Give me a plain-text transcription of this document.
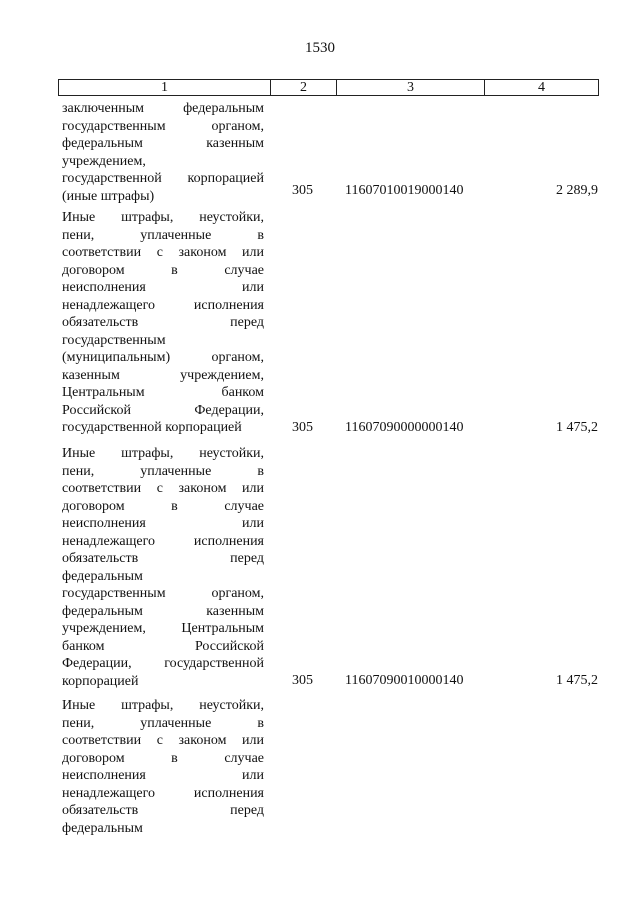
1530
1	2	3	4
заключенным федеральным
государственным органом,
федеральным казенным
учреждением,
государственной корпорацией
(иные штрафы)	305 11607010019000140	2 289,9
Иные штрафы, неустойки,
пени, уплаченные в
соответствии с законом или
договором в случае
неисполнения или
ненадлежащего исполнения
обязательств перед
государственным
(муниципальным) органом,
казенным учреждением,
Центральным банком
Российской Федерации,
государственной корпорацией	305 11607090000000140	1 475,2
Иные штрафы, неустойки,
пени, уплаченные в
соответствии с законом или
договором в случае
неисполнения или
ненадлежащего исполнения
обязательств перед
федеральным
государственным органом,
федеральным казенным
учреждением, Центральным
банком Российской
Федерации, государственной
корпорацией	305 11607090010000140	1 475,2
Иные штрафы, неустойки,
пени, уплаченные в
соответствии с законом или
договором в случае
неисполнения или
ненадлежащего исполнения
обязательств перед
федеральным
